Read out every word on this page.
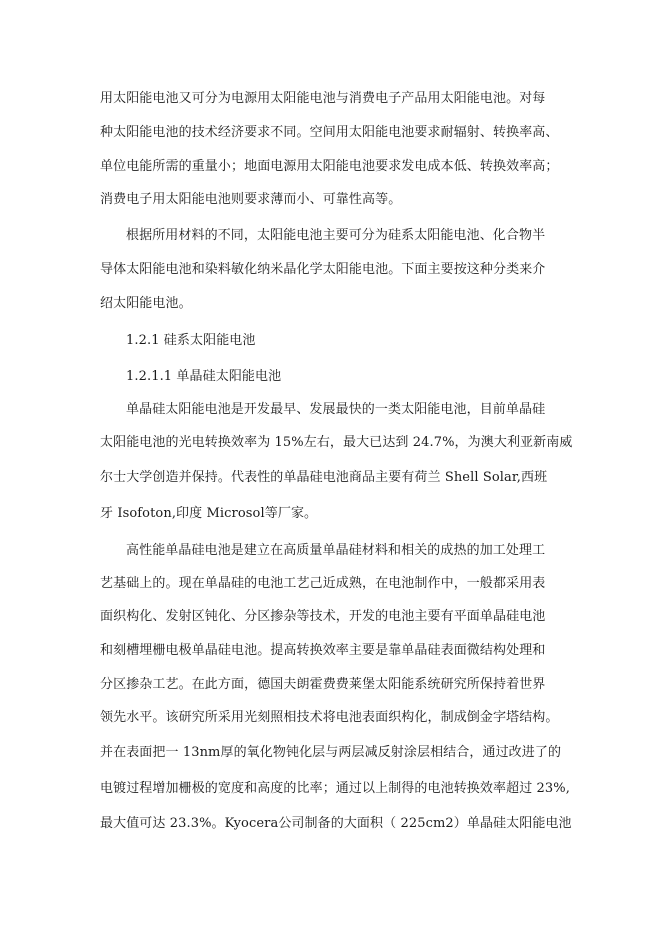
用太阳能电池又可分为电源用太阳能电池与消费电子产品用太阳能电池。对每
种太阳能电池的技术经济要求不同。空间用太阳能电池要求耐辐射、转换率高、
单位电能所需的重量小；地面电源用太阳能电池要求发电成本低、转换效率高；
消费电子用太阳能电池则要求薄而小、可靠性高等。
根据所用材料的不同，太阳能电池主要可分为硅系太阳能电池、化合物半
导体太阳能电池和染料敏化纳米晶化学太阳能电池。下面主要按这种分类来介
绍太阳能电池。
1.2.1 硅系太阳能电池
1.2.1.1 单晶硅太阳能电池
单晶硅太阳能电池是开发最早、发展最快的一类太阳能电池，目前单晶硅
太阳能电池的光电转换效率为 15%左右，最大已达到 24.7%，为澳大利亚新南威
尔士大学创造并保持。代表性的单晶硅电池商品主要有荷兰 Shell Solar,西班
牙 Isofoton,印度 Microsol等厂家。
高性能单晶硅电池是建立在高质量单晶硅材料和相关的成热的加工处理工
艺基础上的。现在单晶硅的电池工艺己近成熟，在电池制作中，一般都采用表
面织构化、发射区钝化、分区掺杂等技术，开发的电池主要有平面单晶硅电池
和刻槽埋栅电极单晶硅电池。提高转换效率主要是靠单晶硅表面微结构处理和
分区掺杂工艺。在此方面，德国夫朗霍费费莱堡太阳能系统研究所保持着世界
领先水平。该研究所采用光刻照相技术将电池表面织构化，制成倒金字塔结构。
并在表面把一 13nm厚的氧化物钝化层与两层减反射涂层相结合，通过改进了的
电镀过程增加栅极的宽度和高度的比率；通过以上制得的电池转换效率超过 23%,
最大值可达 23.3%。Kyocera公司制备的大面积（ 225cm2）单晶硅太阳能电池
